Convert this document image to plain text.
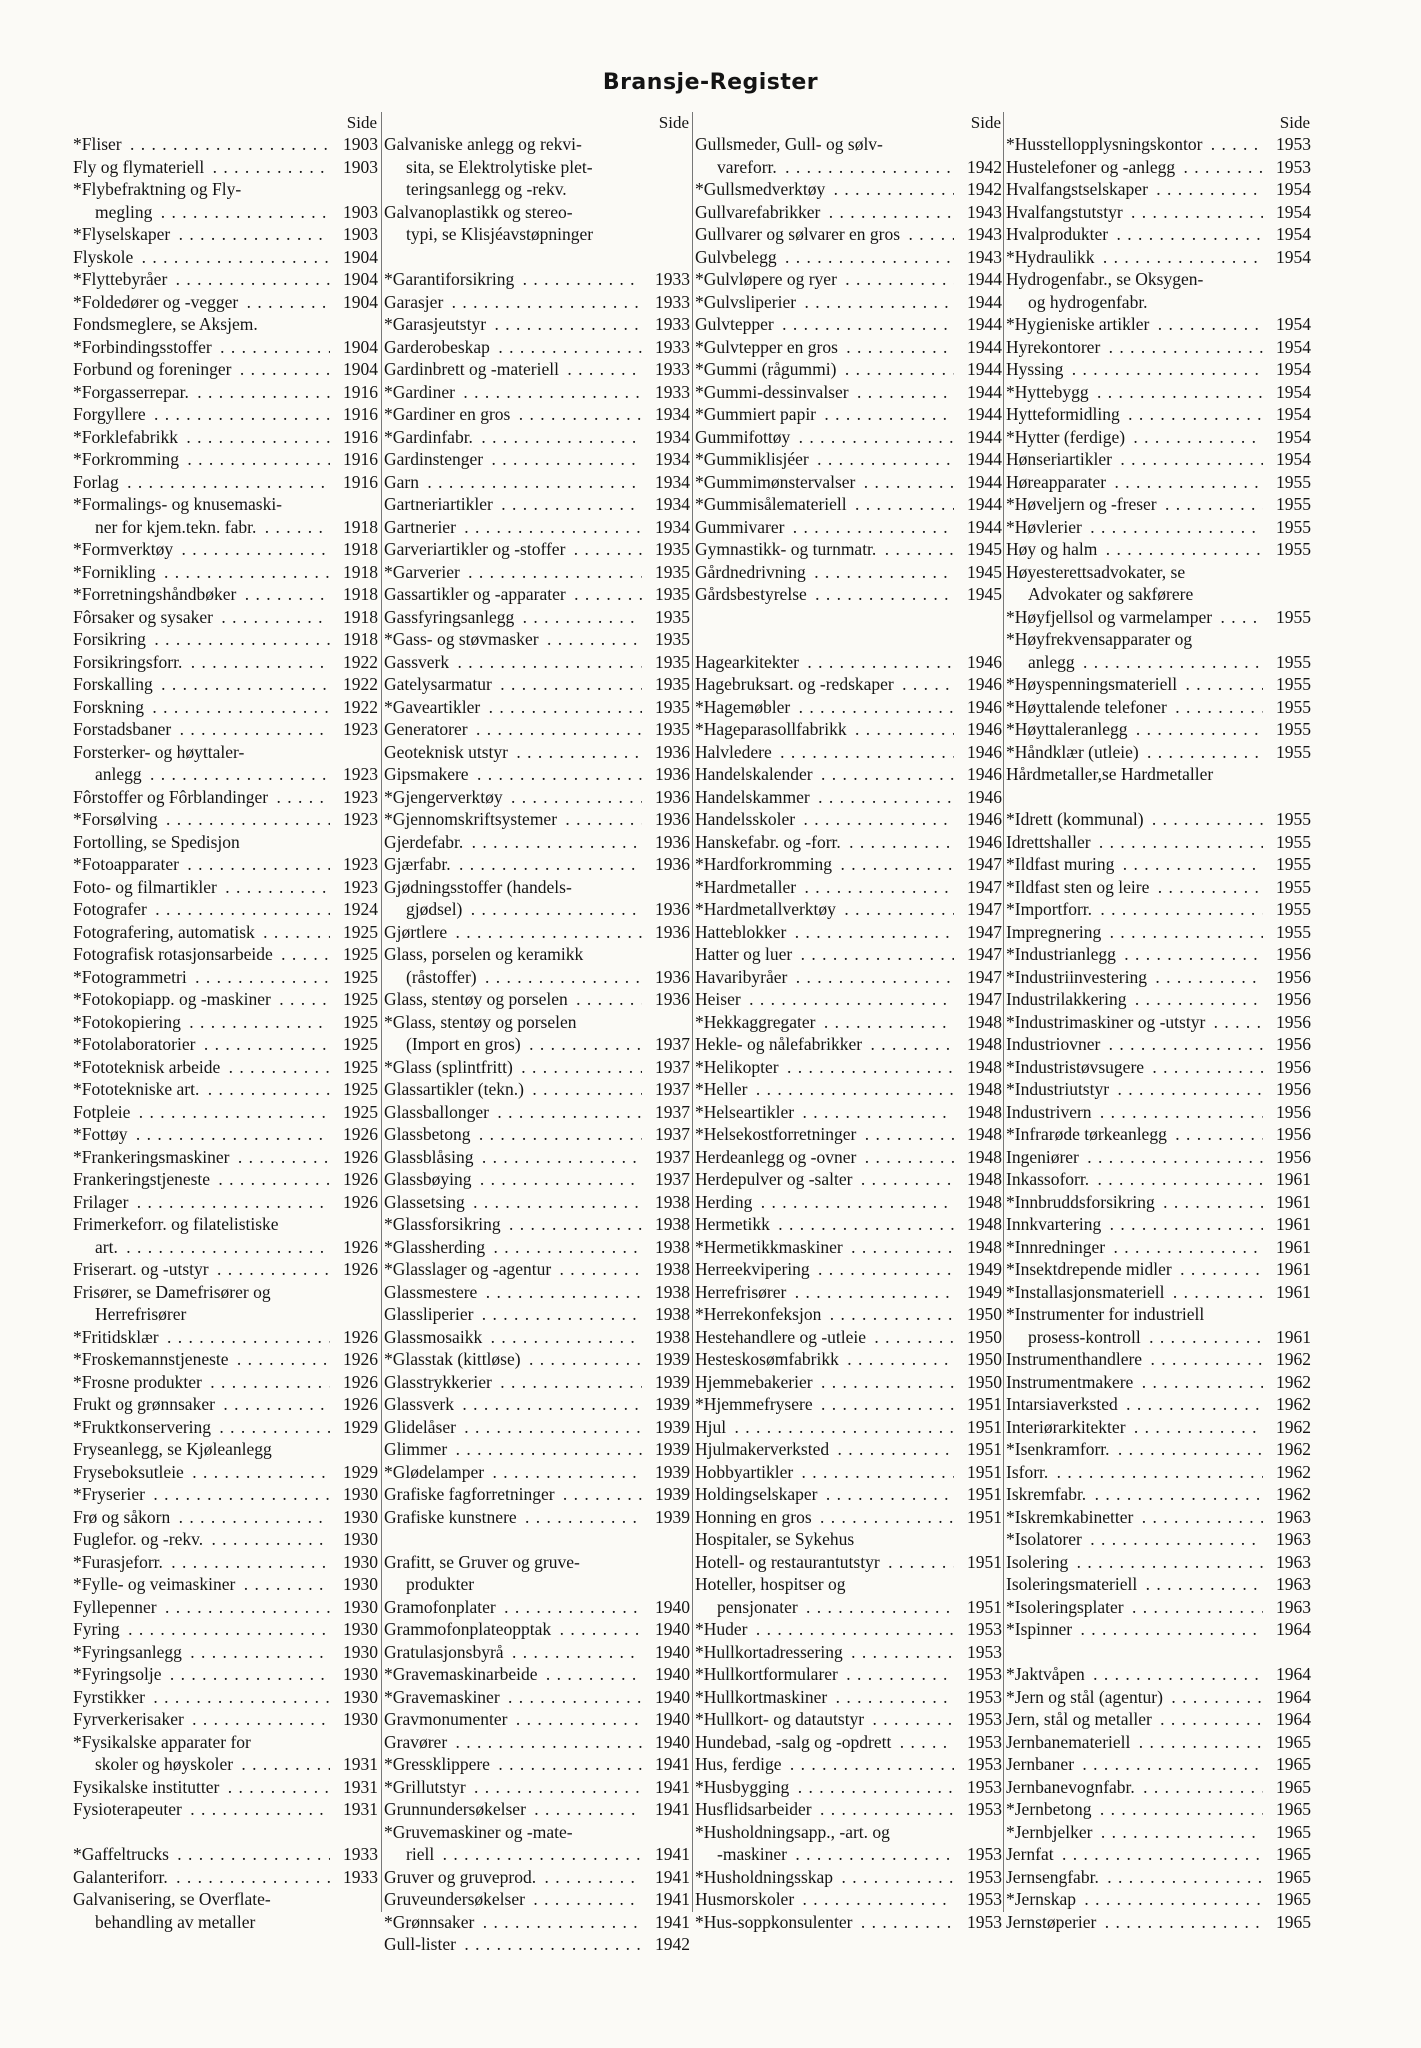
Bransje-Register
Side
*Fliser . . .	1903
Fly og flymateriell . . .	1903
*Flybefraktning og Fly-
megling . . .	1903
*Flyselskaper . . .	1903
Flyskole . . .	1904
*Flyttebyråer . . .	1904
*Foldedører og -vegger . . .	1904
Fondsmeglere, se Aksjem.
*Forbindingsstoffer . . .	1904
Forbund og foreninger . . .	1904
*Forgasserrepar. . . .	1916
Forgyllere . . .	1916
*Forklefabrikk . . .	1916
*Forkromming . . .	1916
Forlag . . .	1916
*Formalings- og knusemaski-
ner for kjem.tekn. fabr. . . .	1918
*Formverktøy . . .	1918
*Fornikling . . .	1918
*Forretningshåndbøker . . .	1918
Fôrsaker og sysaker . . .	1918
Forsikring . . .	1918
Forsikringsforr. . . .	1922
Forskalling . . .	1922
Forskning . . .	1922
Forstadsbaner . . .	1923
Forsterker- og høyttaler-
anlegg . . .	1923
Fôrstoffer og Fôrblandinger . . .	1923
*Forsølving . . .	1923
Fortolling, se Spedisjon
*Fotoapparater . . .	1923
Foto- og filmartikler . . .	1923
Fotografer . . .	1924
Fotografering, automatisk . . .	1925
Fotografisk rotasjonsarbeide . . .	1925
*Fotogrammetri . . .	1925
*Fotokopiapp. og -maskiner . . .	1925
*Fotokopiering . . .	1925
*Fotolaboratorier . . .	1925
*Fototeknisk arbeide . . .	1925
*Fototekniske art. . . .	1925
Fotpleie . . .	1925
*Fottøy . . .	1926
*Frankeringsmaskiner . . .	1926
Frankeringstjeneste . . .	1926
Frilager . . .	1926
Frimerkeforr. og filatelistiske
art. . . .	1926
Friserart. og -utstyr . . .	1926
Frisører, se Damefrisører og
Herrefrisører
*Fritidsklær . . .	1926
*Froskemannstjeneste . . .	1926
*Frosne produkter . . .	1926
Frukt og grønnsaker . . .	1926
*Fruktkonservering . . .	1929
Fryseanlegg, se Kjøleanlegg
Fryseboksutleie . . .	1929
*Fryserier . . .	1930
Frø og såkorn . . .	1930
Fuglefor. og -rekv. . . .	1930
*Furasjeforr. . . .	1930
*Fylle- og veimaskiner . . .	1930
Fyllepenner . . .	1930
Fyring . . .	1930
*Fyringsanlegg . . .	1930
*Fyringsolje . . .	1930
Fyrstikker . . .	1930
Fyrverkerisaker . . .	1930
*Fysikalske apparater for
skoler og høyskoler . . .	1931
Fysikalske institutter . . .	1931
Fysioterapeuter . . .	1931
*Gaffeltrucks . . .	1933
Galanteriforr. . . .	1933
Galvanisering, se Overflate-
behandling av metaller
Side
Galvaniske anlegg og rekvi-
sita, se Elektrolytiske plet-
teringsanlegg og -rekv.
Galvanoplastikk og stereo-
typi, se Klisjéavstøpninger
*Garantiforsikring . . .	1933
Garasjer . . .	1933
*Garasjeutstyr . . .	1933
Garderobeskap . . .	1933
Gardinbrett og -materiell . . .	1933
*Gardiner . . .	1933
*Gardiner en gros . . .	1934
*Gardinfabr. . . .	1934
Gardinstenger . . .	1934
Garn . . .	1934
Gartneriartikler . . .	1934
Gartnerier . . .	1934
Garveriartikler og -stoffer . . .	1935
*Garverier . . .	1935
Gassartikler og -apparater . . .	1935
Gassfyringsanlegg . . .	1935
*Gass- og støvmasker . . .	1935
Gassverk . . .	1935
Gatelysarmatur . . .	1935
*Gaveartikler . . .	1935
Generatorer . . .	1935
Geoteknisk utstyr . . .	1936
Gipsmakere . . .	1936
*Gjengerverktøy . . .	1936
*Gjennomskriftsystemer . . .	1936
Gjerdefabr. . . .	1936
Gjærfabr. . . .	1936
Gjødningsstoffer (handels-
gjødsel) . . .	1936
Gjørtlere . . .	1936
Glass, porselen og keramikk
(råstoffer) . . .	1936
Glass, stentøy og porselen . . .	1936
*Glass, stentøy og porselen
(Import en gros) . . .	1937
*Glass (splintfritt) . . .	1937
Glassartikler (tekn.) . . .	1937
Glassballonger . . .	1937
Glassbetong . . .	1937
Glassblåsing . . .	1937
Glassbøying . . .	1937
Glassetsing . . .	1938
*Glassforsikring . . .	1938
*Glassherding . . .	1938
*Glasslager og -agentur . . .	1938
Glassmestere . . .	1938
Glassliperier . . .	1938
Glassmosaikk . . .	1938
*Glasstak (kittløse) . . .	1939
Glasstrykkerier . . .	1939
Glassverk . . .	1939
Glidelåser . . .	1939
Glimmer . . .	1939
*Glødelamper . . .	1939
Grafiske fagforretninger . . .	1939
Grafiske kunstnere . . .	1939
Grafitt, se Gruver og gruve-
produkter
Gramofonplater . . .	1940
Grammofonplateopptak . . .	1940
Gratulasjonsbyrå . . .	1940
*Gravemaskinarbeide . . .	1940
*Gravemaskiner . . .	1940
Gravmonumenter . . .	1940
Gravører . . .	1940
*Gressklippere . . .	1941
*Grillutstyr . . .	1941
Grunnundersøkelser . . .	1941
*Gruvemaskiner og -mate-
riell . . .	1941
Gruver og gruveprod. . . .	1941
Gruveundersøkelser . . .	1941
*Grønnsaker . . .	1941
Gull-lister . . .	1942
Side
Gullsmeder, Gull- og sølv-
vareforr. . . .	1942
*Gullsmedverktøy . . .	1942
Gullvarefabrikker . . .	1943
Gullvarer og sølvarer en gros . . .	1943
Gulvbelegg . . .	1943
*Gulvløpere og ryer . . .	1944
*Gulvsliperier . . .	1944
Gulvtepper . . .	1944
*Gulvtepper en gros . . .	1944
*Gummi (rågummi) . . .	1944
*Gummi-dessinvalser . . .	1944
*Gummiert papir . . .	1944
Gummifottøy . . .	1944
*Gummiklisjéer . . .	1944
*Gummimønstervalser . . .	1944
*Gummisålemateriell . . .	1944
Gummivarer . . .	1944
Gymnastikk- og turnmatr. . . .	1945
Gårdnedrivning . . .	1945
Gårdsbestyrelse . . .	1945
Hagearkitekter . . .	1946
Hagebruksart. og -redskaper . . .	1946
*Hagemøbler . . .	1946
*Hageparasollfabrikk . . .	1946
Halvledere . . .	1946
Handelskalender . . .	1946
Handelskammer . . .	1946
Handelsskoler . . .	1946
Hanskefabr. og -forr. . . .	1946
*Hardforkromming . . .	1947
*Hardmetaller . . .	1947
*Hardmetallverktøy . . .	1947
Hatteblokker . . .	1947
Hatter og luer . . .	1947
Havaribyråer . . .	1947
Heiser . . .	1947
*Hekkaggregater . . .	1948
Hekle- og nålefabrikker . . .	1948
*Helikopter . . .	1948
*Heller . . .	1948
*Helseartikler . . .	1948
*Helsekostforretninger . . .	1948
Herdeanlegg og -ovner . . .	1948
Herdepulver og -salter . . .	1948
Herding . . .	1948
Hermetikk . . .	1948
*Hermetikkmaskiner . . .	1948
Herreekvipering . . .	1949
Herrefrisører . . .	1949
*Herrekonfeksjon . . .	1950
Hestehandlere og -utleie . . .	1950
Hesteskosømfabrikk . . .	1950
Hjemmebakerier . . .	1950
*Hjemmefrysere . . .	1951
Hjul . . .	1951
Hjulmakerverksted . . .	1951
Hobbyartikler . . .	1951
Holdingselskaper . . .	1951
Honning en gros . . .	1951
Hospitaler, se Sykehus
Hotell- og restaurantutstyr . . .	1951
Hoteller, hospitser og
pensjonater . . .	1951
*Huder . . .	1953
*Hullkortadressering . . .	1953
*Hullkortformularer . . .	1953
*Hullkortmaskiner . . .	1953
*Hullkort- og datautstyr . . .	1953
Hundebad, -salg og -opdrett . . .	1953
Hus, ferdige . . .	1953
*Husbygging . . .	1953
Husflidsarbeider . . .	1953
*Husholdningsapp., -art. og
-maskiner . . .	1953
*Husholdningsskap . . .	1953
Husmorskoler . . .	1953
*Hus-soppkonsulenter . . .	1953
Side
*Husstellopplysningskontor . . .	1953
Hustelefoner og -anlegg . . .	1953
Hvalfangstselskaper . . .	1954
Hvalfangstutstyr . . .	1954
Hvalprodukter . . .	1954
*Hydraulikk . . .	1954
Hydrogenfabr., se Oksygen-
og hydrogenfabr.
*Hygieniske artikler . . .	1954
Hyrekontorer . . .	1954
Hyssing . . .	1954
*Hyttebygg . . .	1954
Hytteformidling . . .	1954
*Hytter (ferdige) . . .	1954
Hønseriartikler . . .	1954
Høreapparater . . .	1955
*Høveljern og -freser . . .	1955
*Høvlerier . . .	1955
Høy og halm . . .	1955
Høyesterettsadvokater, se
Advokater og sakførere
*Høyfjellsol og varmelamper . . .	1955
*Høyfrekvensapparater og
anlegg . . .	1955
*Høyspenningsmateriell . . .	1955
*Høyttalende telefoner . . .	1955
*Høyttaleranlegg . . .	1955
*Håndklær (utleie) . . .	1955
Hårdmetaller,se Hardmetaller
*Idrett (kommunal) . . .	1955
Idrettshaller . . .	1955
*Ildfast muring . . .	1955
*Ildfast sten og leire . . .	1955
*Importforr. . . .	1955
Impregnering . . .	1955
*Industrianlegg . . .	1956
*Industriinvestering . . .	1956
Industrilakkering . . .	1956
*Industrimaskiner og -utstyr . . .	1956
Industriovner . . .	1956
*Industristøvsugere . . .	1956
*Industriutstyr . . .	1956
Industrivern . . .	1956
*Infrarøde tørkeanlegg . . .	1956
Ingeniører . . .	1956
Inkassoforr. . . .	1961
*Innbruddsforsikring . . .	1961
Innkvartering . . .	1961
*Innredninger . . .	1961
*Insektdrepende midler . . .	1961
*Installasjonsmateriell . . .	1961
*Instrumenter for industriell
prosess-kontroll . . .	1961
Instrumenthandlere . . .	1962
Instrumentmakere . . .	1962
Intarsiaverksted . . .	1962
Interiørarkitekter . . .	1962
*Isenkramforr. . . .	1962
Isforr. . . .	1962
Iskremfabr. . . .	1962
*Iskremkabinetter . . .	1963
*Isolatorer . . .	1963
Isolering . . .	1963
Isoleringsmateriell . . .	1963
*Isoleringsplater . . .	1963
*Ispinner . . .	1964
*Jaktvåpen . . .	1964
*Jern og stål (agentur) . . .	1964
Jern, stål og metaller . . .	1964
Jernbanemateriell . . .	1965
Jernbaner . . .	1965
Jernbanevognfabr. . . .	1965
*Jernbetong . . .	1965
*Jernbjelker . . .	1965
Jernfat . . .	1965
Jernsengfabr. . . .	1965
*Jernskap . . .	1965
Jernstøperier . . .	1965
